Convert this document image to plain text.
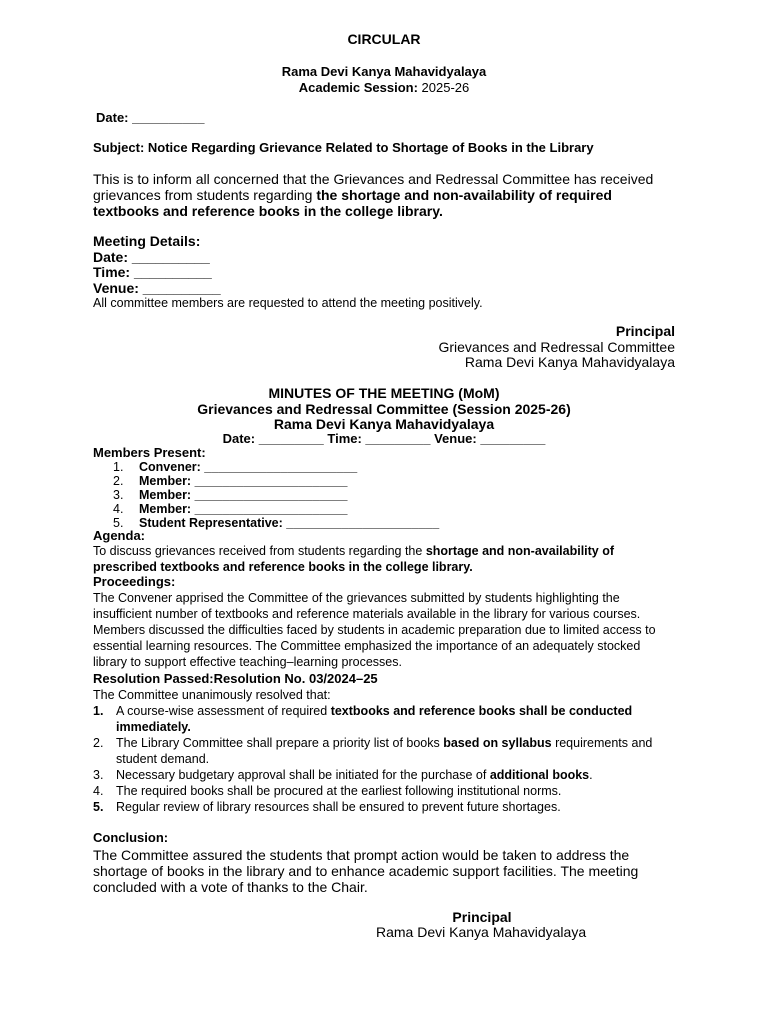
CIRCULAR
Rama Devi Kanya Mahavidyalaya
Academic Session: 2025-26
Date: __________
Subject: Notice Regarding Grievance Related to Shortage of Books in the Library
This is to inform all concerned that the Grievances and Redressal Committee has received
grievances from students regarding the shortage and non-availability of required
textbooks and reference books in the college library.
Meeting Details:
Date: __________
Time: __________
Venue: __________
All committee members are requested to attend the meeting positively.
Principal
Grievances and Redressal Committee
Rama Devi Kanya Mahavidyalaya
MINUTES OF THE MEETING (MoM)
Grievances and Redressal Committee (Session 2025-26)
Rama Devi Kanya Mahavidyalaya
Date: _________ Time: _________ Venue: _________
Members Present:
1. Convener: ______________________
2. Member: ______________________
3. Member: ______________________
4. Member: ______________________
5. Student Representative: ______________________
Agenda:
To discuss grievances received from students regarding the shortage and non-availability of
prescribed textbooks and reference books in the college library.
Proceedings:
The Convener apprised the Committee of the grievances submitted by students highlighting the
insufficient number of textbooks and reference materials available in the library for various courses.
Members discussed the difficulties faced by students in academic preparation due to limited access to
essential learning resources. The Committee emphasized the importance of an adequately stocked
library to support effective teaching–learning processes.
Resolution Passed:Resolution No. 03/2024–25
The Committee unanimously resolved that:
1. A course-wise assessment of required textbooks and reference books shall be conducted
immediately.
2. The Library Committee shall prepare a priority list of books based on syllabus requirements and
student demand.
3. Necessary budgetary approval shall be initiated for the purchase of additional books.
4. The required books shall be procured at the earliest following institutional norms.
5. Regular review of library resources shall be ensured to prevent future shortages.
Conclusion:
The Committee assured the students that prompt action would be taken to address the
shortage of books in the library and to enhance academic support facilities. The meeting
concluded with a vote of thanks to the Chair.
Principal
Rama Devi Kanya Mahavidyalaya
